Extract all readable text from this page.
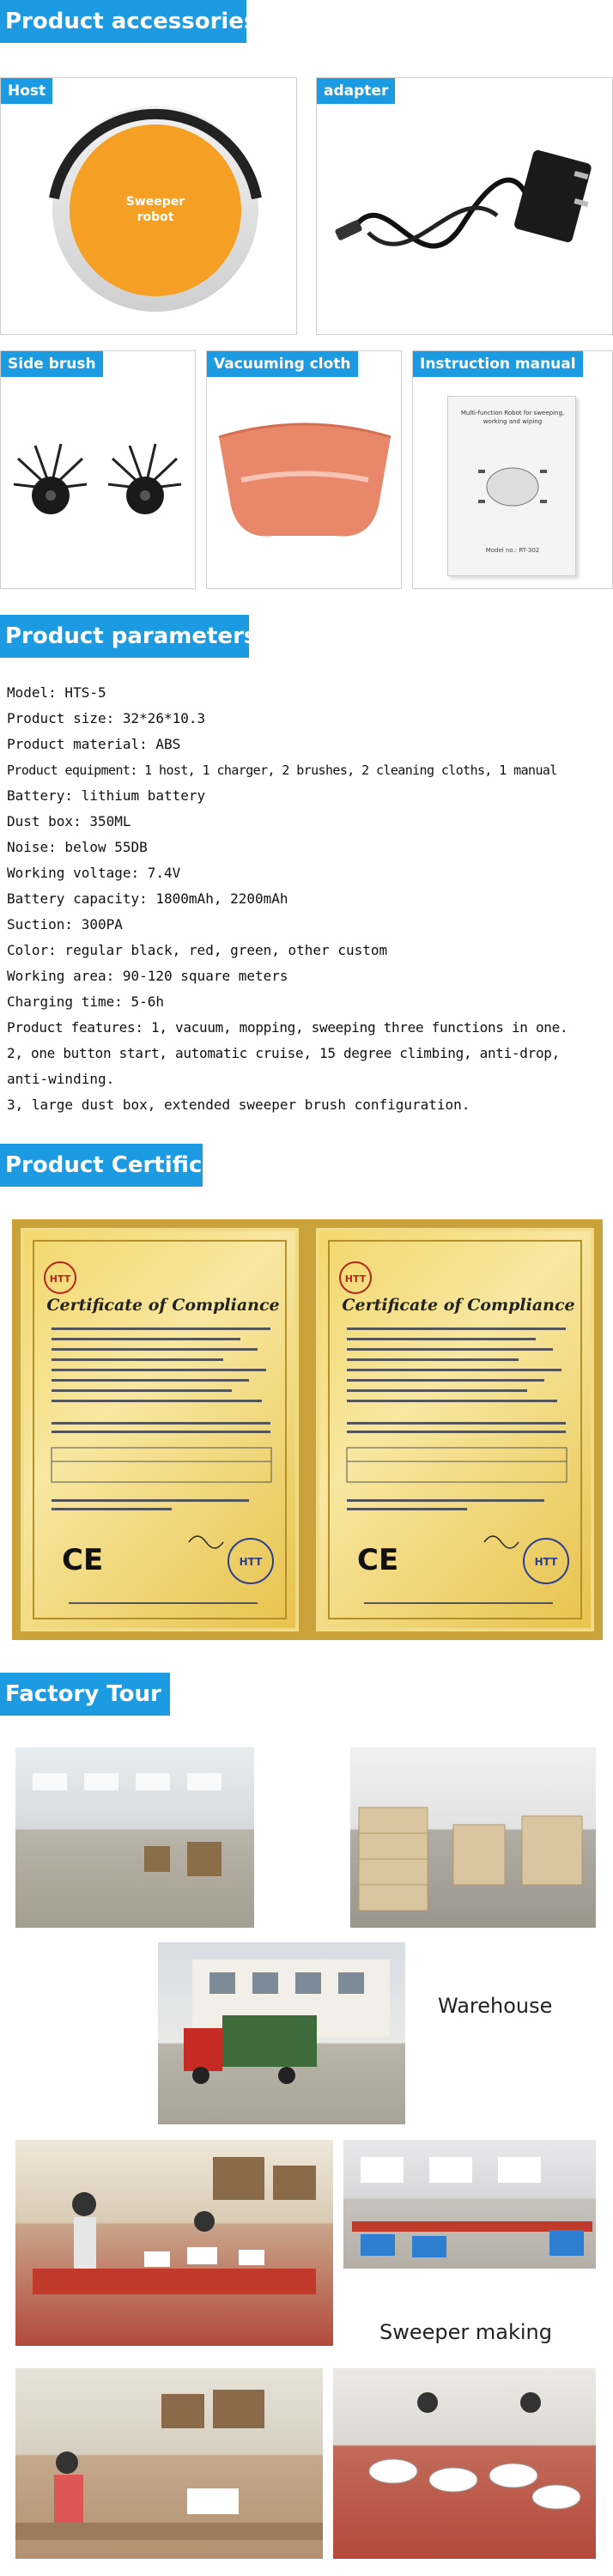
Product accessories
Host
Sweeper
robot
adapter
Side brush	Vacuuming cloth	Instruction manual
Multi-function Robot for sweeping,
working and wiping
Model no.: RT-302
Product parameters
Model: HTS-5
Product size: 32*26*10.3
Product material: ABS
Product equipment: 1 host, 1 charger, 2 brushes, 2 cleaning cloths, 1 manual
Battery: lithium battery
Dust box: 350ML
Noise: below 55DB
Working voltage: 7.4V
Battery capacity: 1800mAh, 2200mAh
Suction: 300PA
Color: regular black, red, green, other custom
Working area: 90-120 square meters
Charging time: 5-6h
Product features: 1, vacuum, mopping, sweeping three functions in one.
2, one button start, automatic cruise, 15 degree climbing, anti-drop,
anti-winding.
3, large dust box, extended sweeper brush configuration.
Product Certificate
HTT
Certificate of Compliance
CE	HTT
HTT
Certificate of Compliance
CE	HTT
Factory Tour
Warehouse
Sweeper making
